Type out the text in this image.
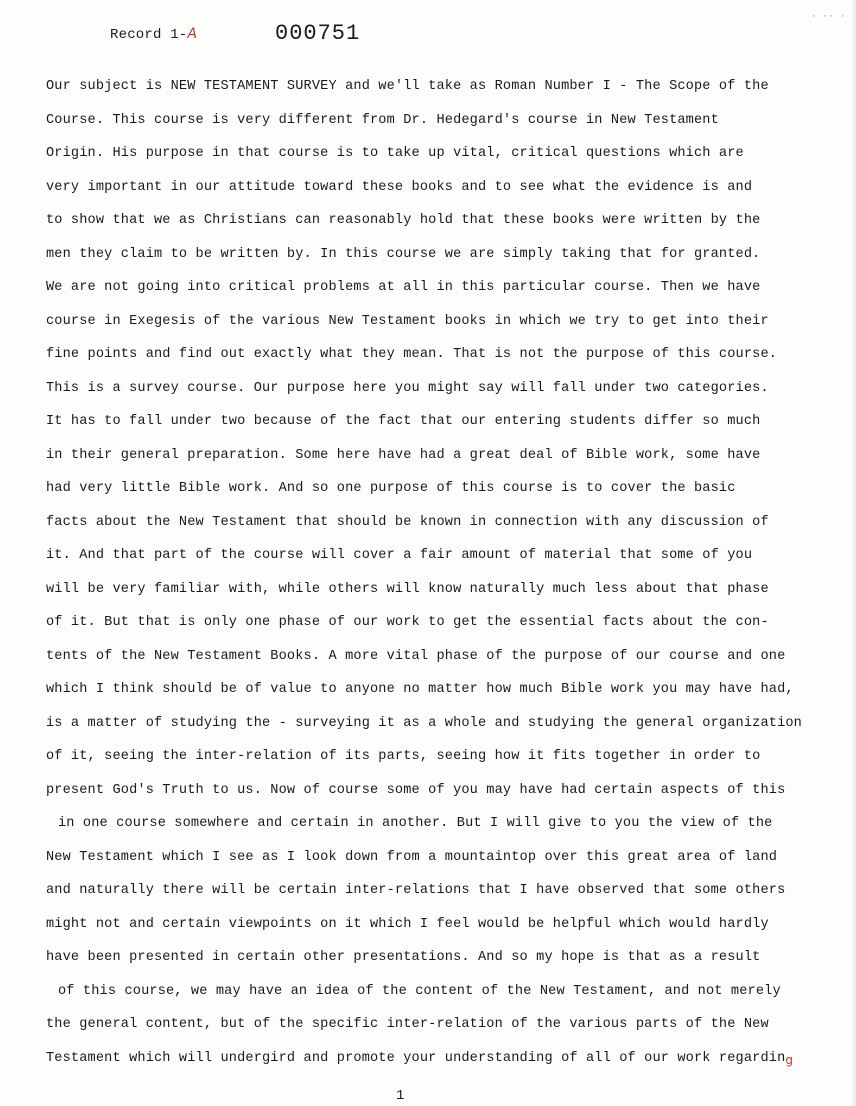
· ·· ·
Record 1-A	000751
Our subject is NEW TESTAMENT SURVEY and we'll take as Roman Number I - The Scope of the
Course. This course is very different from Dr. Hedegard's course in New Testament
Origin. His purpose in that course is to take up vital, critical questions which are
very important in our attitude toward these books and to see what the evidence is and
to show that we as Christians can reasonably hold that these books were written by the
men they claim to be written by. In this course we are simply taking that for granted.
We are not going into critical problems at all in this particular course. Then we have
course in Exegesis of the various New Testament books in which we try to get into their
fine points and find out exactly what they mean. That is not the purpose of this course.
This is a survey course. Our purpose here you might say will fall under two categories.
It has to fall under two because of the fact that our entering students differ so much
in their general preparation. Some here have had a great deal of Bible work, some have
had very little Bible work. And so one purpose of this course is to cover the basic
facts about the New Testament that should be known in connection with any discussion of
it. And that part of the course will cover a fair amount of material that some of you
will be very familiar with, while others will know naturally much less about that phase
of it. But that is only one phase of our work to get the essential facts about the con-
tents of the New Testament Books. A more vital phase of the purpose of our course and one
which I think should be of value to anyone no matter how much Bible work you may have had,
is a matter of studying the - surveying it as a whole and studying the general organization
of it, seeing the inter-relation of its parts, seeing how it fits together in order to
present God's Truth to us. Now of course some of you may have had certain aspects of this
in one course somewhere and certain in another. But I will give to you the view of the
New Testament which I see as I look down from a mountaintop over this great area of land
and naturally there will be certain inter-relations that I have observed that some others
might not and certain viewpoints on it which I feel would be helpful which would hardly
have been presented in certain other presentations. And so my hope is that as a result
of this course, we may have an idea of the content of the New Testament, and not merely
the general content, but of the specific inter-relation of the various parts of the New
Testament which will undergird and promote your understanding of all of our work regarding
1
